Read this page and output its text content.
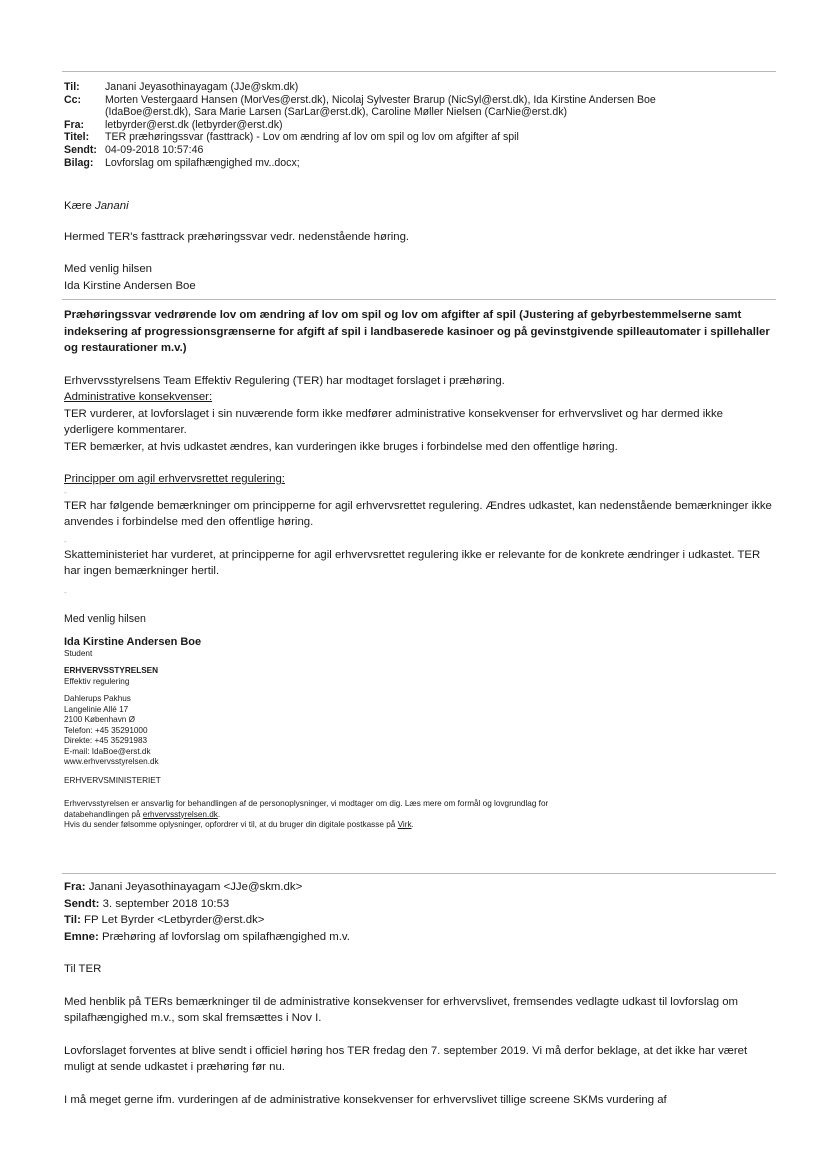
Til:	Janani Jeyasothinayagam (JJe@skm.dk)
Cc:	Morten Vestergaard Hansen (MorVes@erst.dk), Nicolaj Sylvester Brarup (NicSyl@erst.dk), Ida Kirstine Andersen Boe
(IdaBoe@erst.dk), Sara Marie Larsen (SarLar@erst.dk), Caroline Møller Nielsen (CarNie@erst.dk)
Fra:	letbyrder@erst.dk (letbyrder@erst.dk)
Titel:	TER præhøringssvar (fasttrack) - Lov om ændring af lov om spil og lov om afgifter af spil
Sendt: 04-09-2018 10:57:46
Bilag:	Lovforslag om spilafhængighed mv..docx;

Kære Janani

Hermed TER's fasttrack præhøringssvar vedr. nedenstående høring.

Med venlig hilsen

Ida Kirstine Andersen Boe

Præhøringssvar vedrørende lov om ændring af lov om spil og lov om afgifter af spil (Justering af gebyrbestemmelserne samt indeksering af progressionsgrænserne for afgift af spil i landbaserede kasinoer og på gevinstgivende spilleautomater i spillehaller og restaurationer m.v.)

Erhvervsstyrelsens Team Effektiv Regulering (TER) har modtaget forslaget i præhøring.

Administrative konsekvenser:

TER vurderer, at lovforslaget i sin nuværende form ikke medfører administrative konsekvenser for erhvervslivet og har dermed ikke yderligere kommentarer.

TER bemærker, at hvis udkastet ændres, kan vurderingen ikke bruges i forbindelse med den offentlige høring.

Principper om agil erhvervsrettet regulering:

-

TER har følgende bemærkninger om principperne for agil erhvervsrettet regulering. Ændres udkastet, kan nedenstående bemærkninger ikke anvendes i forbindelse med den offentlige høring.

-

Skatteministeriet har vurderet, at principperne for agil erhvervsrettet regulering ikke er relevante for de konkrete ændringer i udkastet. TER har ingen bemærkninger hertil.

-

Med venlig hilsen

Ida Kirstine Andersen Boe

Student

ERHVERVSSTYRELSEN

Effektiv regulering

Dahlerups Pakhus

Langelinie Allé 17

2100 København Ø

Telefon: +45 35291000

Direkte: +45 35291983

E-mail: IdaBoe@erst.dk

www.erhvervsstyrelsen.dk

ERHVERVSMINISTERIET

Erhvervsstyrelsen er ansvarlig for behandlingen af de personoplysninger, vi modtager om dig. Læs mere om formål og lovgrundlag for

databehandlingen på erhvervsstyrelsen.dk.

Hvis du sender følsomme oplysninger, opfordrer vi til, at du bruger din digitale postkasse på Virk.

Fra: Janani Jeyasothinayagam <JJe@skm.dk>

Sendt: 3. september 2018 10:53

Til: FP Let Byrder <Letbyrder@erst.dk>

Emne: Præhøring af lovforslag om spilafhængighed m.v.

Til TER

Med henblik på TERs bemærkninger til de administrative konsekvenser for erhvervslivet, fremsendes vedlagte udkast til lovforslag om spilafhængighed m.v., som skal fremsættes i Nov I.

Lovforslaget forventes at blive sendt i officiel høring hos TER fredag den 7. september 2019. Vi må derfor beklage, at det ikke har været muligt at sende udkastet i præhøring før nu.

I må meget gerne ifm. vurderingen af de administrative konsekvenser for erhvervslivet tillige screene SKMs vurdering af
